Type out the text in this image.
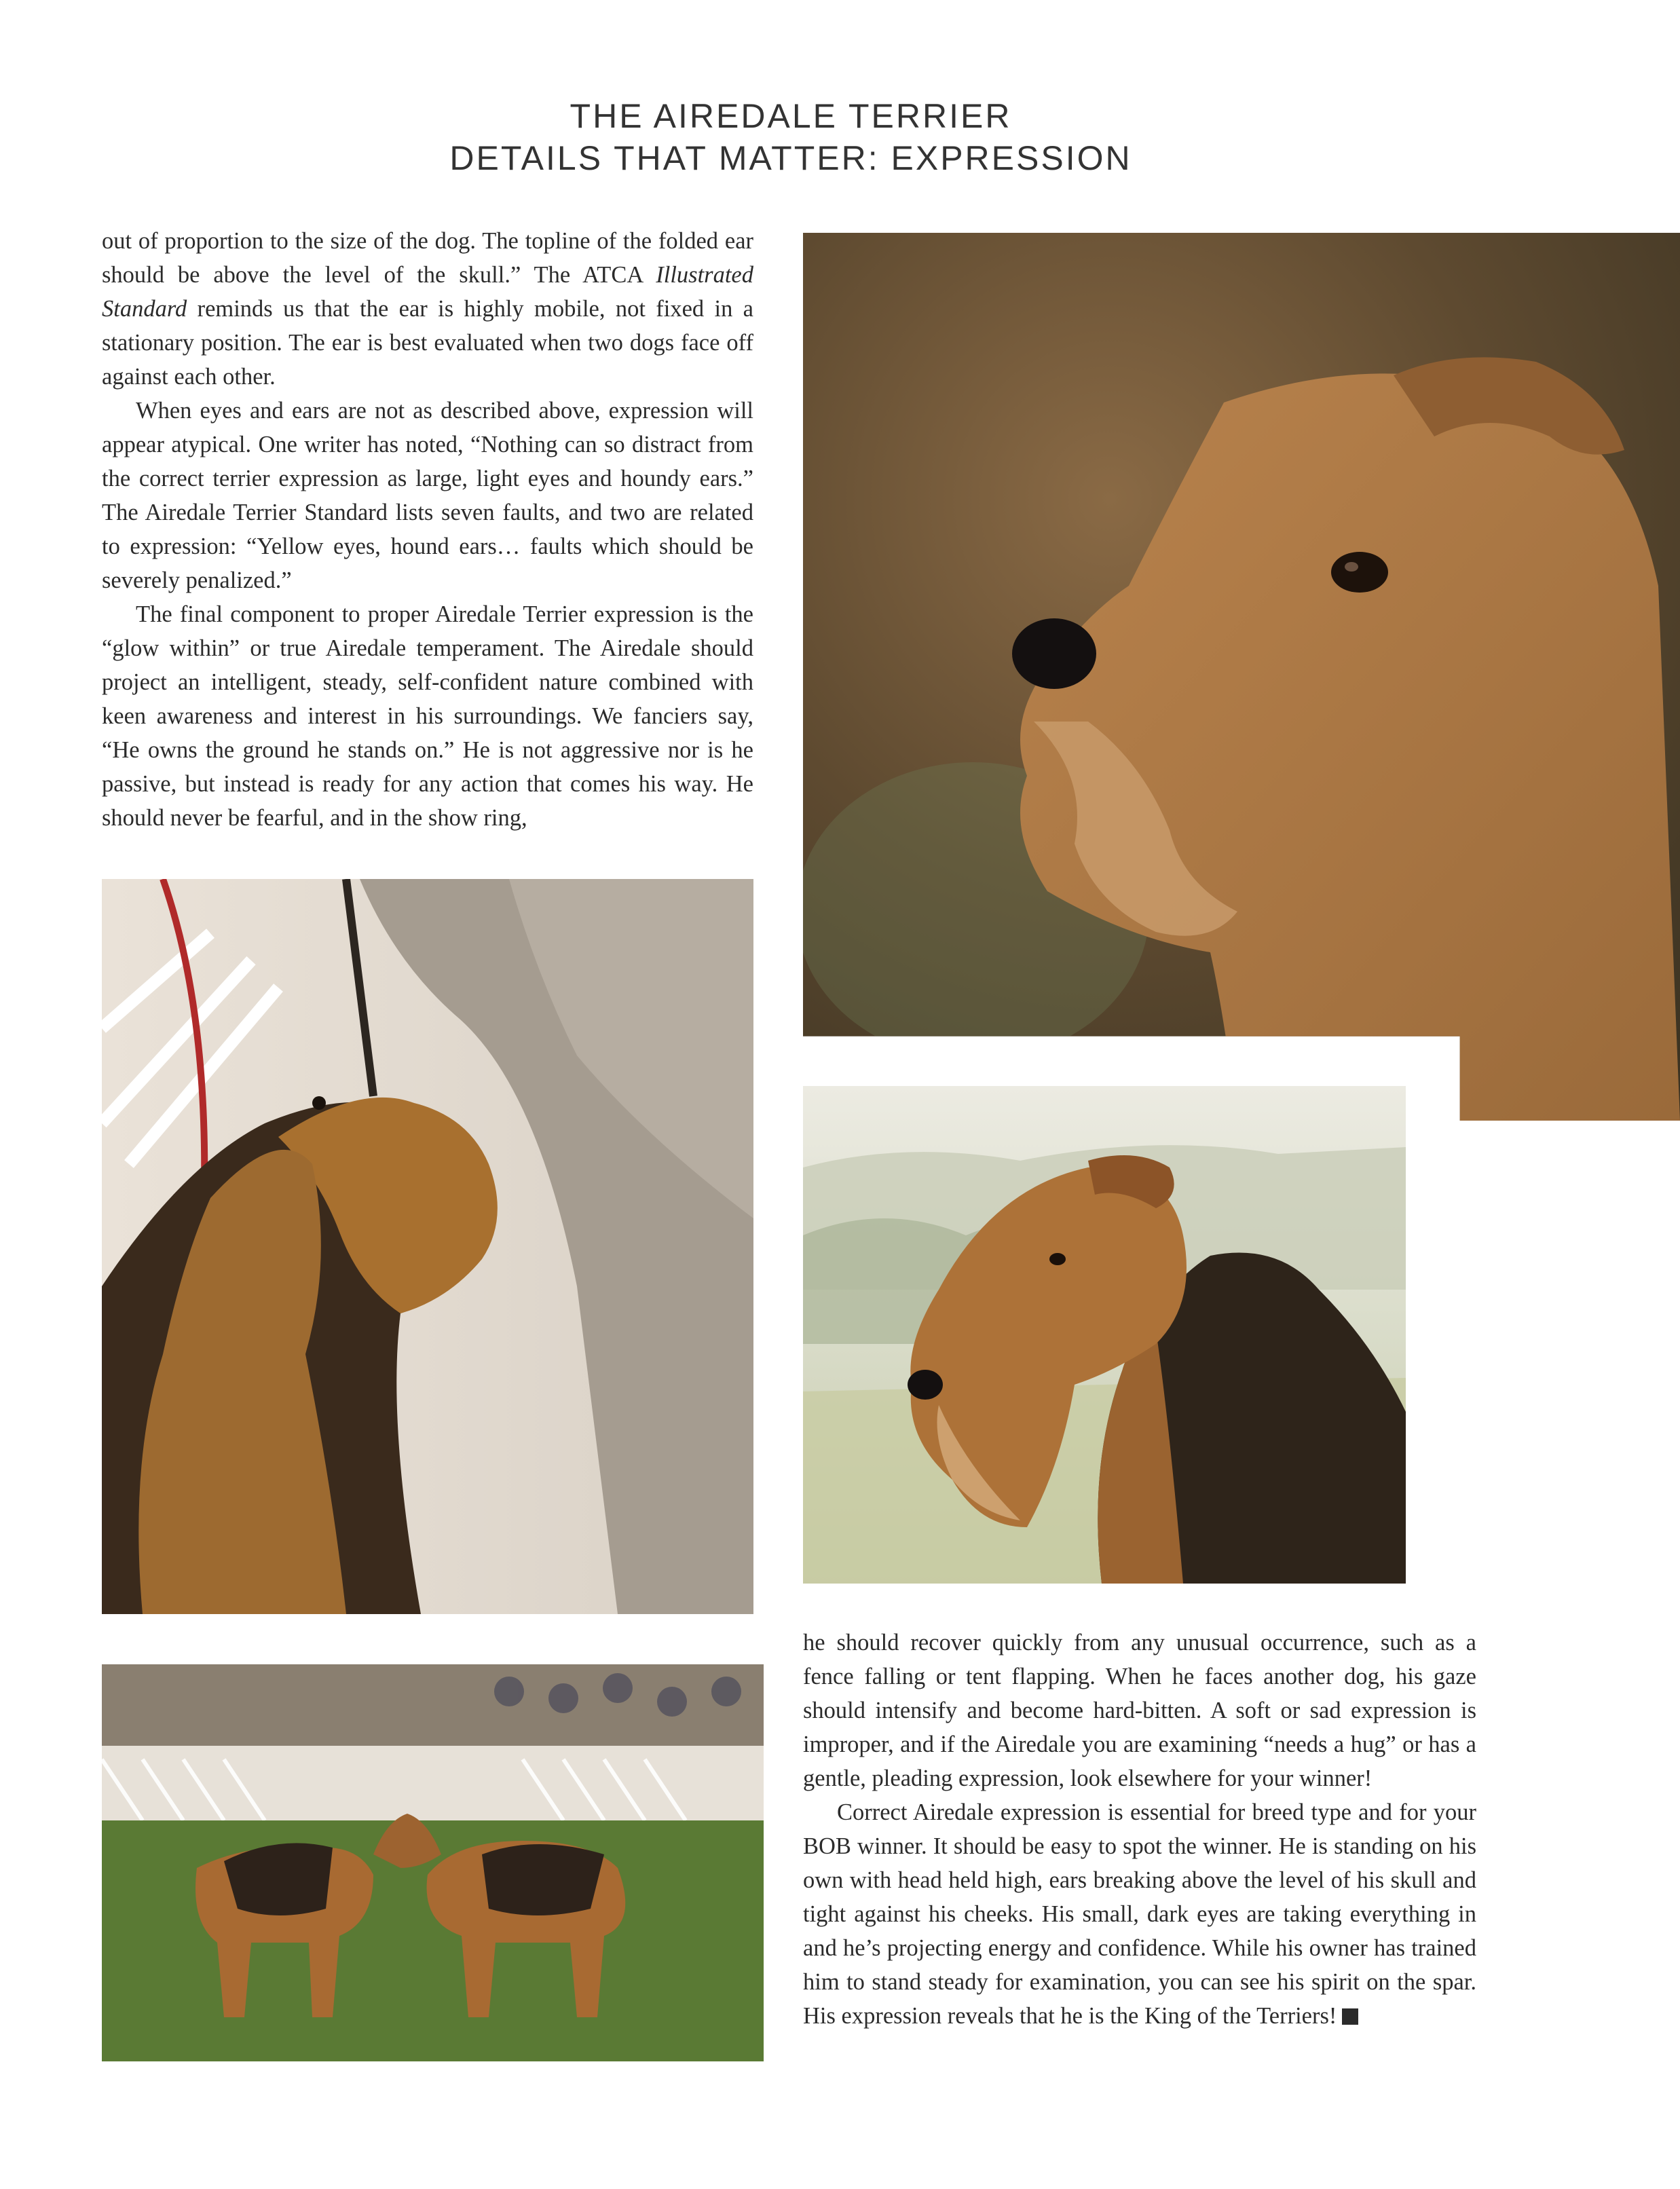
THE AIREDALE TERRIER
DETAILS THAT MATTER: EXPRESSION

out of proportion to the size of the dog. The topline of the folded ear should be above the level of the skull.” The ATCA Illustrated Standard reminds us that the ear is highly mobile, not fixed in a stationary position. The ear is best evaluated when two dogs face off against each other.

When eyes and ears are not as described above, expression will appear atypical. One writer has noted, “Nothing can so distract from the correct terrier expression as large, light eyes and houndy ears.” The Airedale Terrier Standard lists seven faults, and two are related to expression: “Yellow eyes, hound ears… faults which should be severely penalized.”

The final component to proper Airedale Terrier expression is the “glow within” or true Airedale temperament. The Airedale should project an intelligent, steady, self-confident nature combined with keen awareness and interest in his surroundings. We fanciers say, “He owns the ground he stands on.” He is not aggressive nor is he passive, but instead is ready for any action that comes his way. He should never be fearful, and in the show ring,

he should recover quickly from any unusual occurrence, such as a fence falling or tent flapping. When he faces another dog, his gaze should intensify and become hard-bitten. A soft or sad expression is improper, and if the Airedale you are examining “needs a hug” or has a gentle, pleading expression, look elsewhere for your winner!

Correct Airedale expression is essential for breed type and for your BOB winner. It should be easy to spot the winner. He is standing on his own with head held high, ears breaking above the level of his skull and tight against his cheeks. His small, dark eyes are taking everything in and he’s projecting energy and confidence. While his owner has trained him to stand steady for examination, you can see his spirit on the spar. His expression reveals that he is the King of the Terriers!
